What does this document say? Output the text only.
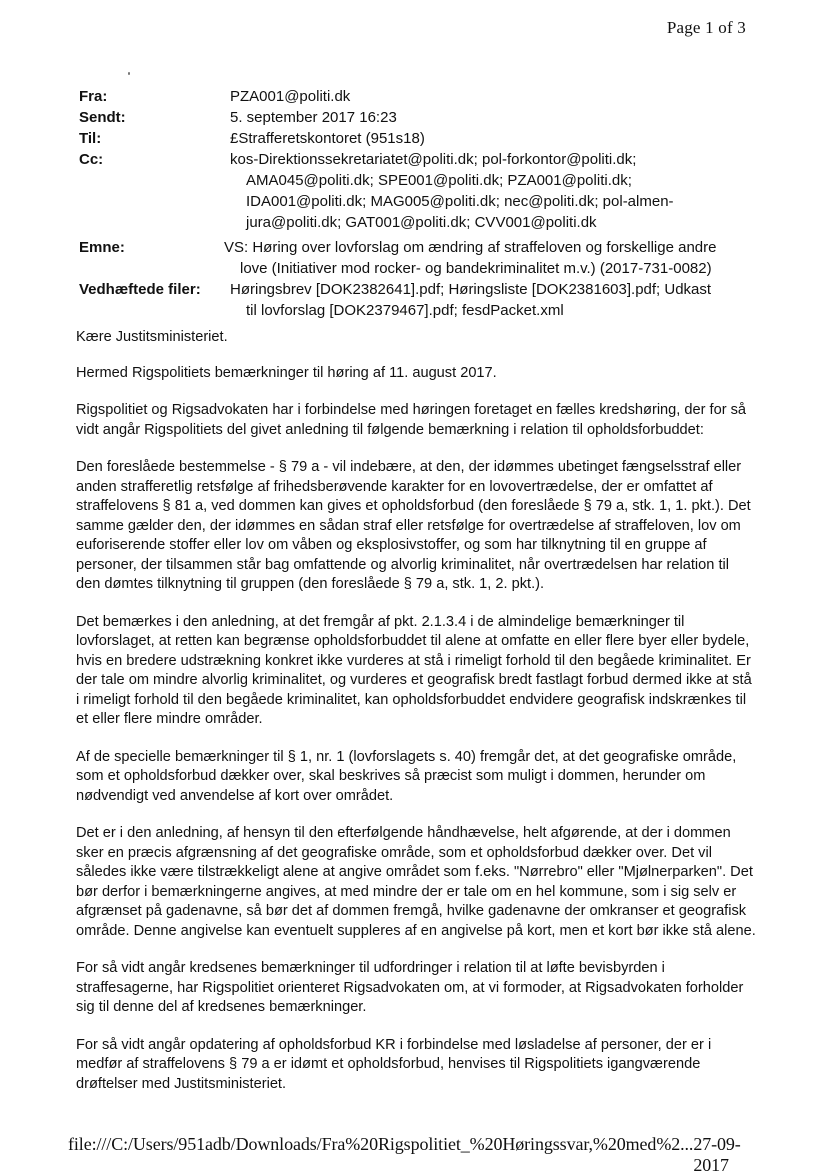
Page 1 of 3
Fra:	PZA001@politi.dk
Sendt:	5. september 2017 16:23
Til:	£Strafferetskontoret (951s18)
Cc:	kos-Direktionssekretariatet@politi.dk; pol-forkontor@politi.dk;
AMA045@politi.dk; SPE001@politi.dk; PZA001@politi.dk;
IDA001@politi.dk; MAG005@politi.dk; nec@politi.dk; pol-almen-
jura@politi.dk; GAT001@politi.dk; CVV001@politi.dk
Emne:	VS: Høring over lovforslag om ændring af straffeloven og forskellige andre
love (Initiativer mod rocker- og bandekriminalitet m.v.) (2017-731-0082)
Vedhæftede filer:	Høringsbrev [DOK2382641].pdf; Høringsliste [DOK2381603].pdf; Udkast
til lovforslag [DOK2379467].pdf; fesdPacket.xml

Kære Justitsministeriet.

Hermed Rigspolitiets bemærkninger til høring af 11. august 2017.

Rigspolitiet og Rigsadvokaten har i forbindelse med høringen foretaget en fælles kredshøring, der for så vidt angår Rigspolitiets del givet anledning til følgende bemærkning i relation til opholdsforbuddet:

Den foreslåede bestemmelse - § 79 a - vil indebære, at den, der idømmes ubetinget fængselsstraf eller anden strafferetlig retsfølge af frihedsberøvende karakter for en lovovertrædelse, der er omfattet af straffelovens § 81 a, ved dommen kan gives et opholdsforbud (den foreslåede § 79 a, stk. 1, 1. pkt.). Det samme gælder den, der idømmes en sådan straf eller retsfølge for overtrædelse af straffeloven, lov om euforiserende stoffer eller lov om våben og eksplosivstoffer, og som har tilknytning til en gruppe af personer, der tilsammen står bag omfattende og alvorlig kriminalitet, når overtrædelsen har relation til den dømtes tilknytning til gruppen (den foreslåede § 79 a, stk. 1, 2. pkt.).

Det bemærkes i den anledning, at det fremgår af pkt. 2.1.3.4 i de almindelige bemærkninger til lovforslaget, at retten kan begrænse opholdsforbuddet til alene at omfatte en eller flere byer eller bydele, hvis en bredere udstrækning konkret ikke vurderes at stå i rimeligt forhold til den begåede kriminalitet. Er der tale om mindre alvorlig kriminalitet, og vurderes et geografisk bredt fastlagt forbud dermed ikke at stå i rimeligt forhold til den begåede kriminalitet, kan opholdsforbuddet endvidere geografisk indskrænkes til et eller flere mindre områder.

Af de specielle bemærkninger til § 1, nr. 1 (lovforslagets s. 40) fremgår det, at det geografiske område, som et opholdsforbud dækker over, skal beskrives så præcist som muligt i dommen, herunder om nødvendigt ved anvendelse af kort over området.

Det er i den anledning, af hensyn til den efterfølgende håndhævelse, helt afgørende, at der i dommen sker en præcis afgrænsning af det geografiske område, som et opholdsforbud dækker over. Det vil således ikke være tilstrækkeligt alene at angive området som f.eks. "Nørrebro" eller "Mjølnerparken". Det bør derfor i bemærkningerne angives, at med mindre der er tale om en hel kommune, som i sig selv er afgrænset på gadenavne, så bør det af dommen fremgå, hvilke gadenavne der omkranser et geografisk område. Denne angivelse kan eventuelt suppleres af en angivelse på kort, men et kort bør ikke stå alene.

For så vidt angår kredsenes bemærkninger til udfordringer i relation til at løfte bevisbyrden i straffesagerne, har Rigspolitiet orienteret Rigsadvokaten om, at vi formoder, at Rigsadvokaten forholder sig til denne del af kredsenes bemærkninger.

For så vidt angår opdatering af opholdsforbud KR i forbindelse med løsladelse af personer, der er i medfør af straffelovens § 79 a er idømt et opholdsforbud, henvises til Rigspolitiets igangværende drøftelser med Justitsministeriet.

file:///C:/Users/951adb/Downloads/Fra%20Rigspolitiet_%20Høringssvar,%20med%2... 27-09-2017
